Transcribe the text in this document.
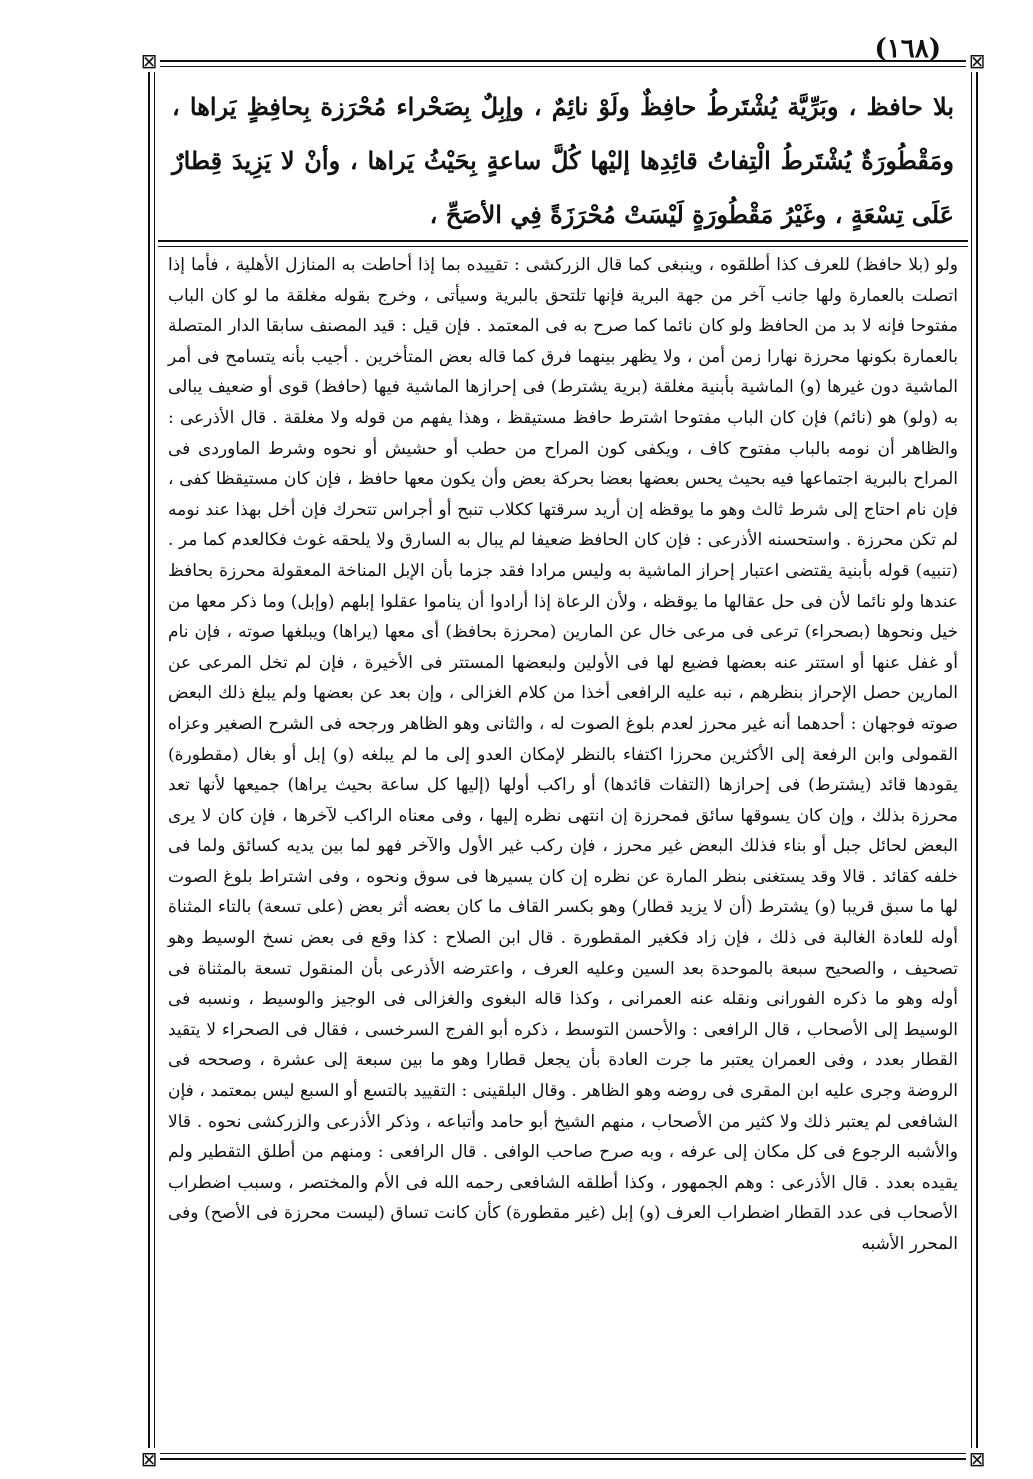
(١٦٨)
⊠	⊠
⊠	⊠

بلا حافظ ، وبَرِّيَّة يُشْتَرطُ حافِظٌ ولَوْ نائِمٌ ، وإبِلٌ بِصَحْراء مُحْرَزة بِحافِظٍ يَراها ، ومَقْطُورَةٌ يُشْتَرطُ الْتِفاتُ قائِدِها إليْها كُلَّ ساعةٍ بِحَيْثُ يَراها ، وأنْ لا يَزِيدَ قِطارٌ عَلَى تِسْعَةٍ ، وغَيْرُ مَقْطُورَةٍ لَيْسَتْ مُحْرَزَةً فِي الأصَحِّ ،

ولو (بلا حافظ) للعرف كذا أطلقوه ، وينبغى كما قال الزركشى : تقييده بما إذا أحاطت به المنازل الأهلية ، فأما إذا اتصلت بالعمارة ولها جانب آخر من جهة البرية فإنها تلتحق بالبرية وسيأتى ، وخرج بقوله مغلقة ما لو كان الباب مفتوحا فإنه لا بد من الحافظ ولو كان نائما كما صرح به فى المعتمد . فإن قيل : قيد المصنف سابقا الدار المتصلة بالعمارة بكونها محرزة نهارا زمن أمن ، ولا يظهر بينهما فرق كما قاله بعض المتأخرين . أجيب بأنه يتسامح فى أمر الماشية دون غيرها (و) الماشية بأبنية مغلقة (برية يشترط) فى إحرازها الماشية فيها (حافظ) قوى أو ضعيف يبالى به (ولو) هو (نائم) فإن كان الباب مفتوحا اشترط حافظ مستيقظ ، وهذا يفهم من قوله ولا مغلقة . قال الأذرعى : والظاهر أن نومه بالباب مفتوح كاف ، ويكفى كون المراح من حطب أو حشيش أو نحوه وشرط الماوردى فى المراح بالبرية اجتماعها فيه بحيث يحس بعضها بعضا بحركة بعض وأن يكون معها حافظ ، فإن كان مستيقظا كفى ، فإن نام احتاج إلى شرط ثالث وهو ما يوقظه إن أريد سرقتها ككلاب تنبح أو أجراس تتحرك فإن أخل بهذا عند نومه لم تكن محرزة . واستحسنه الأذرعى : فإن كان الحافظ ضعيفا لم يبال به السارق ولا يلحقه غوث فكالعدم كما مر . (تنبيه) قوله بأبنية يقتضى اعتبار إحراز الماشية به وليس مرادا فقد جزما بأن الإبل المناخة المعقولة محرزة بحافظ عندها ولو نائما لأن فى حل عقالها ما يوقظه ، ولأن الرعاة إذا أرادوا أن يناموا عقلوا إبلهم (وإبل) وما ذكر معها من خيل ونحوها (بصحراء) ترعى فى مرعى خال عن المارين (محرزة بحافظ) أى معها (يراها) ويبلغها صوته ، فإن نام أو غفل عنها أو استتر عنه بعضها فضيع لها فى الأولين ولبعضها المستتر فى الأخيرة ، فإن لم تخل المرعى عن المارين حصل الإحراز بنظرهم ، نبه عليه الرافعى أخذا من كلام الغزالى ، وإن بعد عن بعضها ولم يبلغ ذلك البعض صوته فوجهان : أحدهما أنه غير محرز لعدم بلوغ الصوت له ، والثانى وهو الظاهر ورجحه فى الشرح الصغير وعزاه القمولى وابن الرفعة إلى الأكثرين محرزا اكتفاء بالنظر لإمكان العدو إلى ما لم يبلغه (و) إبل أو بغال (مقطورة) يقودها قائد (يشترط) فى إحرازها (التفات قائدها) أو راكب أولها (إليها كل ساعة بحيث يراها) جميعها لأنها تعد محرزة بذلك ، وإن كان يسوقها سائق فمحرزة إن انتهى نظره إليها ، وفى معناه الراكب لآخرها ، فإن كان لا يرى البعض لحائل جبل أو بناء فذلك البعض غير محرز ، فإن ركب غير الأول والآخر فهو لما بين يديه كسائق ولما فى خلفه كقائد . قالا وقد يستغنى بنظر المارة عن نظره إن كان يسيرها فى سوق ونحوه ، وفى اشتراط بلوغ الصوت لها ما سبق قريبا (و) يشترط (أن لا يزيد قطار) وهو بكسر القاف ما كان بعضه أثر بعض (على تسعة) بالتاء المثناة أوله للعادة الغالبة فى ذلك ، فإن زاد فكغير المقطورة . قال ابن الصلاح : كذا وقع فى بعض نسخ الوسيط وهو تصحيف ، والصحيح سبعة بالموحدة بعد السين وعليه العرف ، واعترضه الأذرعى بأن المنقول تسعة بالمثناة فى أوله وهو ما ذكره الفورانى ونقله عنه العمرانى ، وكذا قاله البغوى والغزالى فى الوجيز والوسيط ، ونسبه فى الوسيط إلى الأصحاب ، قال الرافعى : والأحسن التوسط ، ذكره أبو الفرج السرخسى ، فقال فى الصحراء لا يتقيد القطار بعدد ، وفى العمران يعتبر ما جرت العادة بأن يجعل قطارا وهو ما بين سبعة إلى عشرة ، وصححه فى الروضة وجرى عليه ابن المقرى فى روضه وهو الظاهر . وقال البلقينى : التقييد بالتسع أو السبع ليس بمعتمد ، فإن الشافعى لم يعتبر ذلك ولا كثير من الأصحاب ، منهم الشيخ أبو حامد وأتباعه ، وذكر الأذرعى والزركشى نحوه . قالا والأشبه الرجوع فى كل مكان إلى عرفه ، وبه صرح صاحب الوافى . قال الرافعى : ومنهم من أطلق التقطير ولم يقيده بعدد . قال الأذرعى : وهم الجمهور ، وكذا أطلقه الشافعى رحمه الله فى الأم والمختصر ، وسبب اضطراب الأصحاب فى عدد القطار اضطراب العرف (و) إبل (غير مقطورة) كأن كانت تساق (ليست محرزة فى الأصح) وفى المحرر الأشبه
